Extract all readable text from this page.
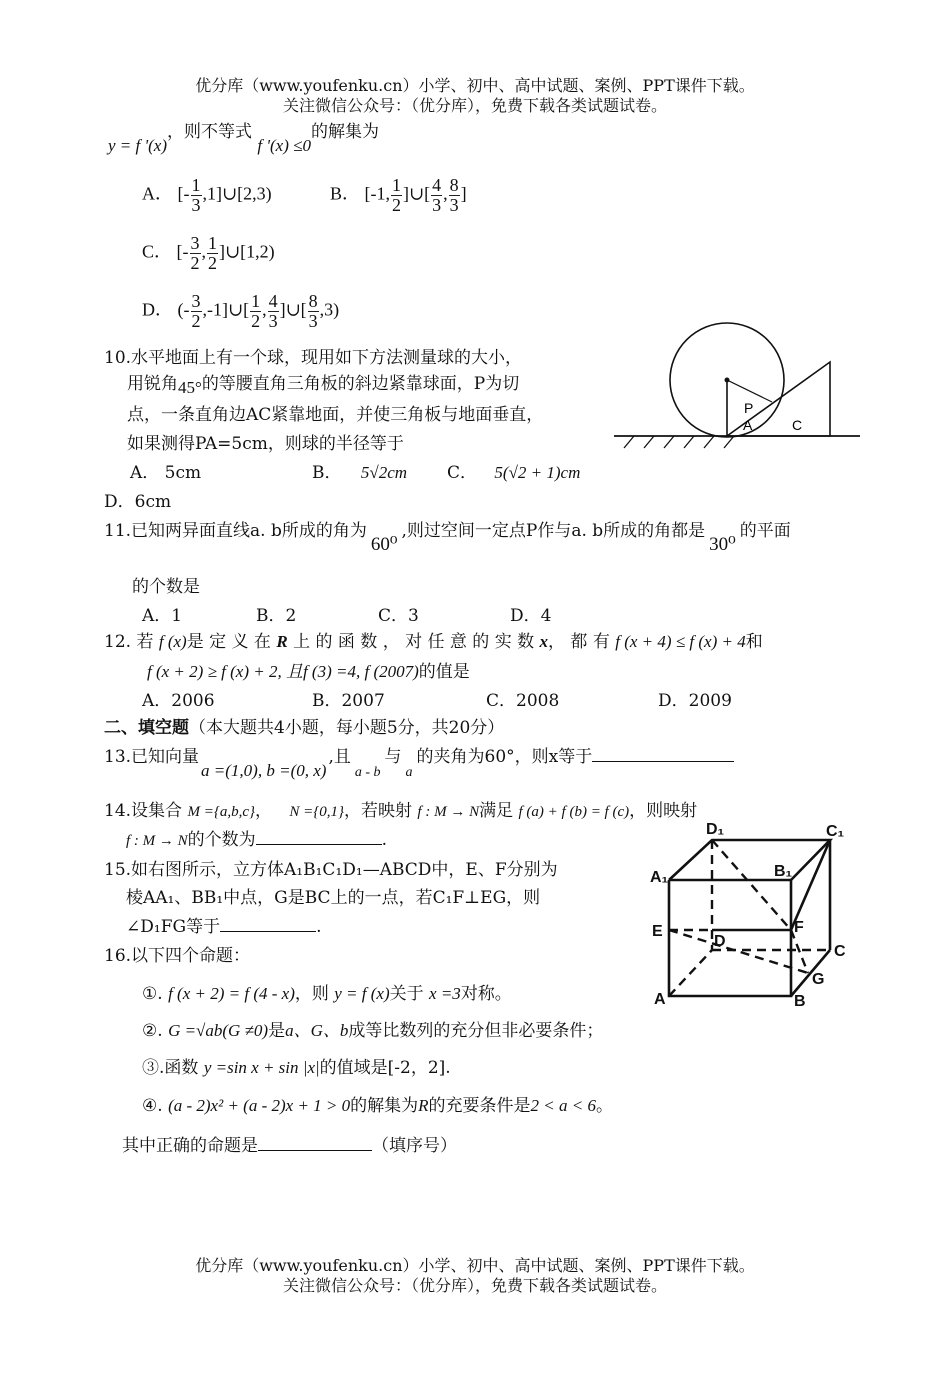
优分库（www.youfenku.cn）小学、初中、高中试题、案例、PPT课件下载。
关注微信公众号：（优分库），免费下载各类试题试卷。
y = f '(x)，则不等式 f '(x) ≤0的解集为
A． [- $\frac{1}{3}$ ,1]∪[2,3)	B． [-1, $\frac{1}{2}$ ]∪[ $\frac{4}{3}$ , $\frac{8}{3}$ ]
C． [- $\frac{3}{2}$ , $\frac{1}{2}$ ]∪[1,2)
D． (- $\frac{3}{2}$ ,-1]∪[ $\frac{1}{2}$ , $\frac{4}{3}$ ]∪[ $\frac{8}{3} ,3$)
10.水平地面上有一个球，现用如下方法测量球的大小，
用锐角45°的等腰直角三角板的斜边紧靠球面，P为切
点，一条直角边AC紧靠地面，并使三角板与地面垂直，
如果测得PA=5cm，则球的半径等于
A． 5cm	B． 5√2cm C． 5(√2 + 1)cm
D．6cm
P
A	C
11.已知两异面直线a. b所成的角为60⁰,则过空间一定点P作与a. b所成的角都是30⁰的平面
的个数是
A．1	B．2	C．3	D．4
12. 若 f (x)是 定 义 在 R 上 的 函 数 ， 对 任 意 的 实 数 x， 都 有 f (x + 4) ≤ f (x) + 4和
f (x + 2) ≥ f (x) + 2, 且f (3) =4, f (2007)的值是
A．2006	B．2007	C．2008	D．2009
二、填空题（本大题共4小题，每小题5分，共20分）
13.已知向量a =(1,0), b =(0, x),且$_{a - b}$与$_a$的夹角为60°，则x等于
14.设集合 M ={a,b,c}， N ={0,1}，若映射 f : M → N满足 f (a) + f (b) = f (c)，则映射
f : M → N的个数为	.
15.如右图所示，立方体A₁B₁C₁D₁—ABCD中，E、F分别为
棱AA₁、BB₁中点，G是BC上的一点，若C₁F⊥EG，则
∠D₁FG等于	.
D₁	C₁
A₁	B₁
E
D
F
C
G
A	B
16.以下四个命题：
①. f (x + 2) = f (4 - x)，则 y = f (x)关于 x =3对称。
②. G =√ab(G ≠0)是a、G、b成等比数列的充分但非必要条件；
③.函数 y =sin x + sin |x|的值域是[-2，2].
④. (a - 2)x² + (a - 2)x + 1 > 0的解集为R的充要条件是2 < a < 6。
其中正确的命题是	（填序号）
优分库（www.youfenku.cn）小学、初中、高中试题、案例、PPT课件下载。
关注微信公众号：（优分库），免费下载各类试题试卷。
